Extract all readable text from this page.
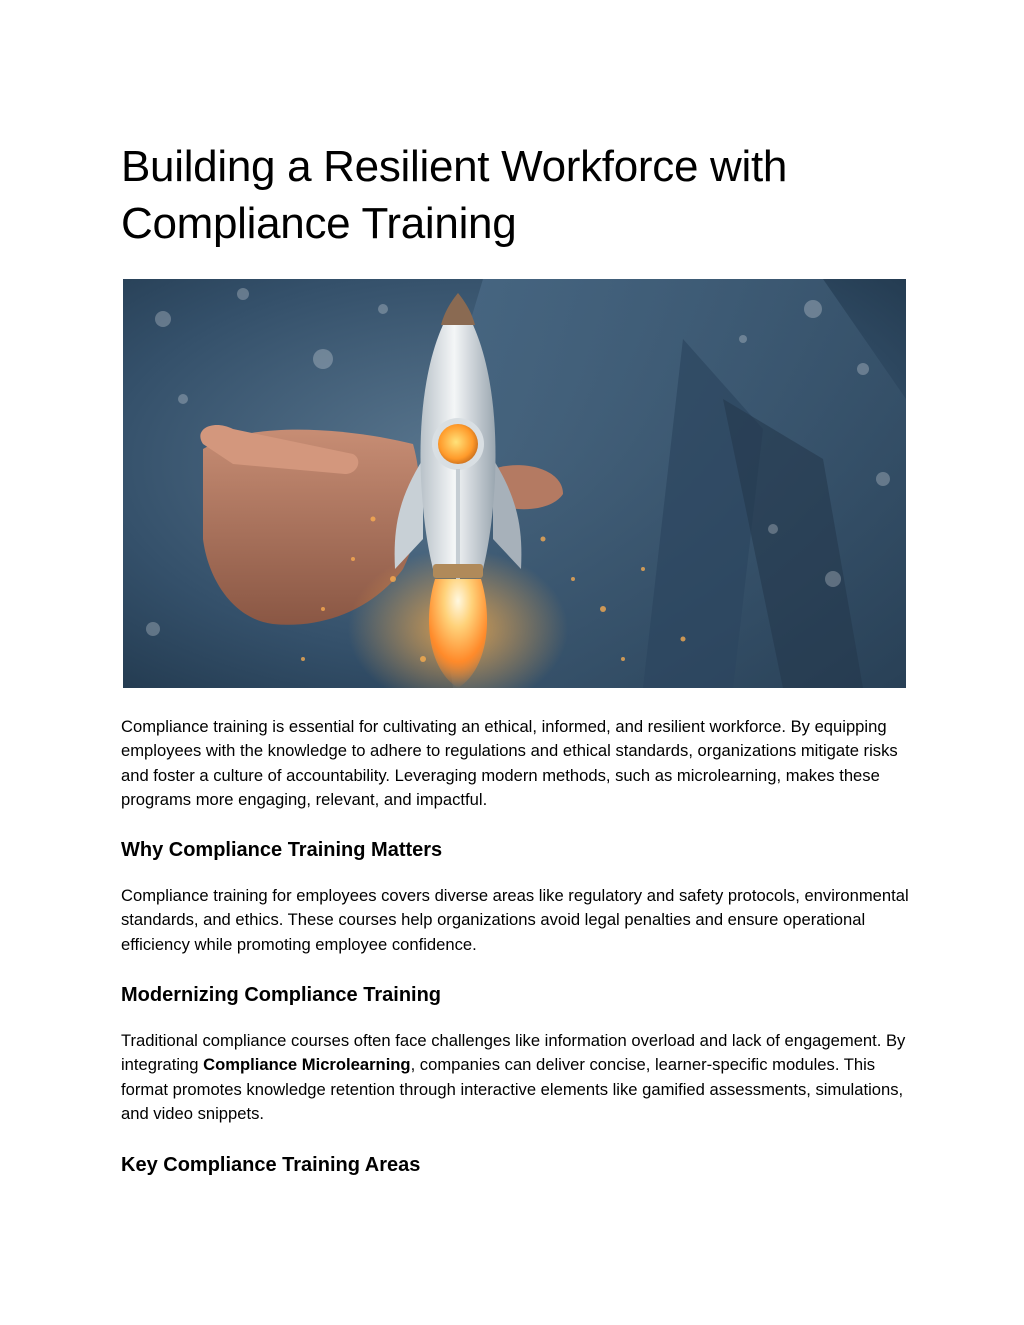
Building a Resilient Workforce with Compliance Training

Compliance training is essential for cultivating an ethical, informed, and resilient workforce. By equipping employees with the knowledge to adhere to regulations and ethical standards, organizations mitigate risks and foster a culture of accountability. Leveraging modern methods, such as microlearning, makes these programs more engaging, relevant, and impactful.

Why Compliance Training Matters

Compliance training for employees covers diverse areas like regulatory and safety protocols, environmental standards, and ethics. These courses help organizations avoid legal penalties and ensure operational efficiency while promoting employee confidence.

Modernizing Compliance Training

Traditional compliance courses often face challenges like information overload and lack of engagement. By integrating Compliance Microlearning, companies can deliver concise, learner-specific modules. This format promotes knowledge retention through interactive elements like gamified assessments, simulations, and video snippets.

Key Compliance Training Areas
